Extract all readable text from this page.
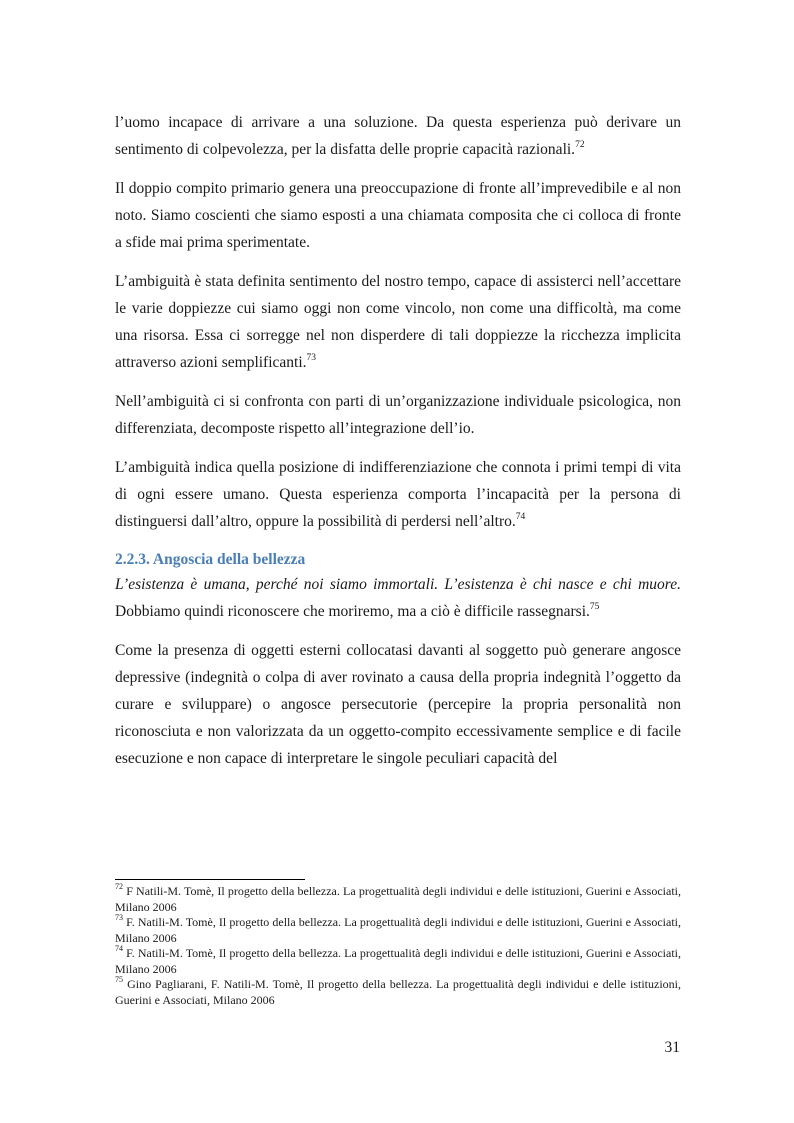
l’uomo incapace di arrivare a una soluzione. Da questa esperienza può derivare un sentimento di colpevolezza, per la disfatta delle proprie capacità razionali.$^{72}$

Il doppio compito primario genera una preoccupazione di fronte all’imprevedibile e al non noto. Siamo coscienti che siamo esposti a una chiamata composita che ci colloca di fronte a sfide mai prima sperimentate.

L’ambiguità è stata definita sentimento del nostro tempo, capace di assisterci nell’accettare le varie doppiezze cui siamo oggi non come vincolo, non come una difficoltà, ma come una risorsa. Essa ci sorregge nel non disperdere di tali doppiezze la ricchezza implicita attraverso azioni semplificanti.$^{73}$

Nell’ambiguità ci si confronta con parti di un’organizzazione individuale psicologica, non differenziata, decomposte rispetto all’integrazione dell’io.

L’ambiguità indica quella posizione di indifferenziazione che connota i primi tempi di vita di ogni essere umano. Questa esperienza comporta l’incapacità per la persona di distinguersi dall’altro, oppure la possibilità di perdersi nell’altro.$^{74}$

2.2.3. Angoscia della bellezza

L’esistenza è umana, perché noi siamo immortali. L’esistenza è chi nasce e chi muore. Dobbiamo quindi riconoscere che moriremo, ma a ciò è difficile rassegnarsi.$^{75}$

Come la presenza di oggetti esterni collocatasi davanti al soggetto può generare angosce depressive (indegnità o colpa di aver rovinato a causa della propria indegnità l’oggetto da curare e sviluppare) o angosce persecutorie (percepire la propria personalità non riconosciuta e non valorizzata da un oggetto-compito eccessivamente semplice e di facile esecuzione e non capace di interpretare le singole peculiari capacità del

$^{72}$ F Natili-M. Tomè, Il progetto della bellezza. La progettualità degli individui e delle istituzioni, Guerini e Associati, Milano 2006

$^{73}$ F. Natili-M. Tomè, Il progetto della bellezza. La progettualità degli individui e delle istituzioni, Guerini e Associati, Milano 2006

$^{74}$ F. Natili-M. Tomè, Il progetto della bellezza. La progettualità degli individui e delle istituzioni, Guerini e Associati, Milano 2006

$^{75}$ Gino Pagliarani, F. Natili-M. Tomè, Il progetto della bellezza. La progettualità degli individui e delle istituzioni, Guerini e Associati, Milano 2006

31
